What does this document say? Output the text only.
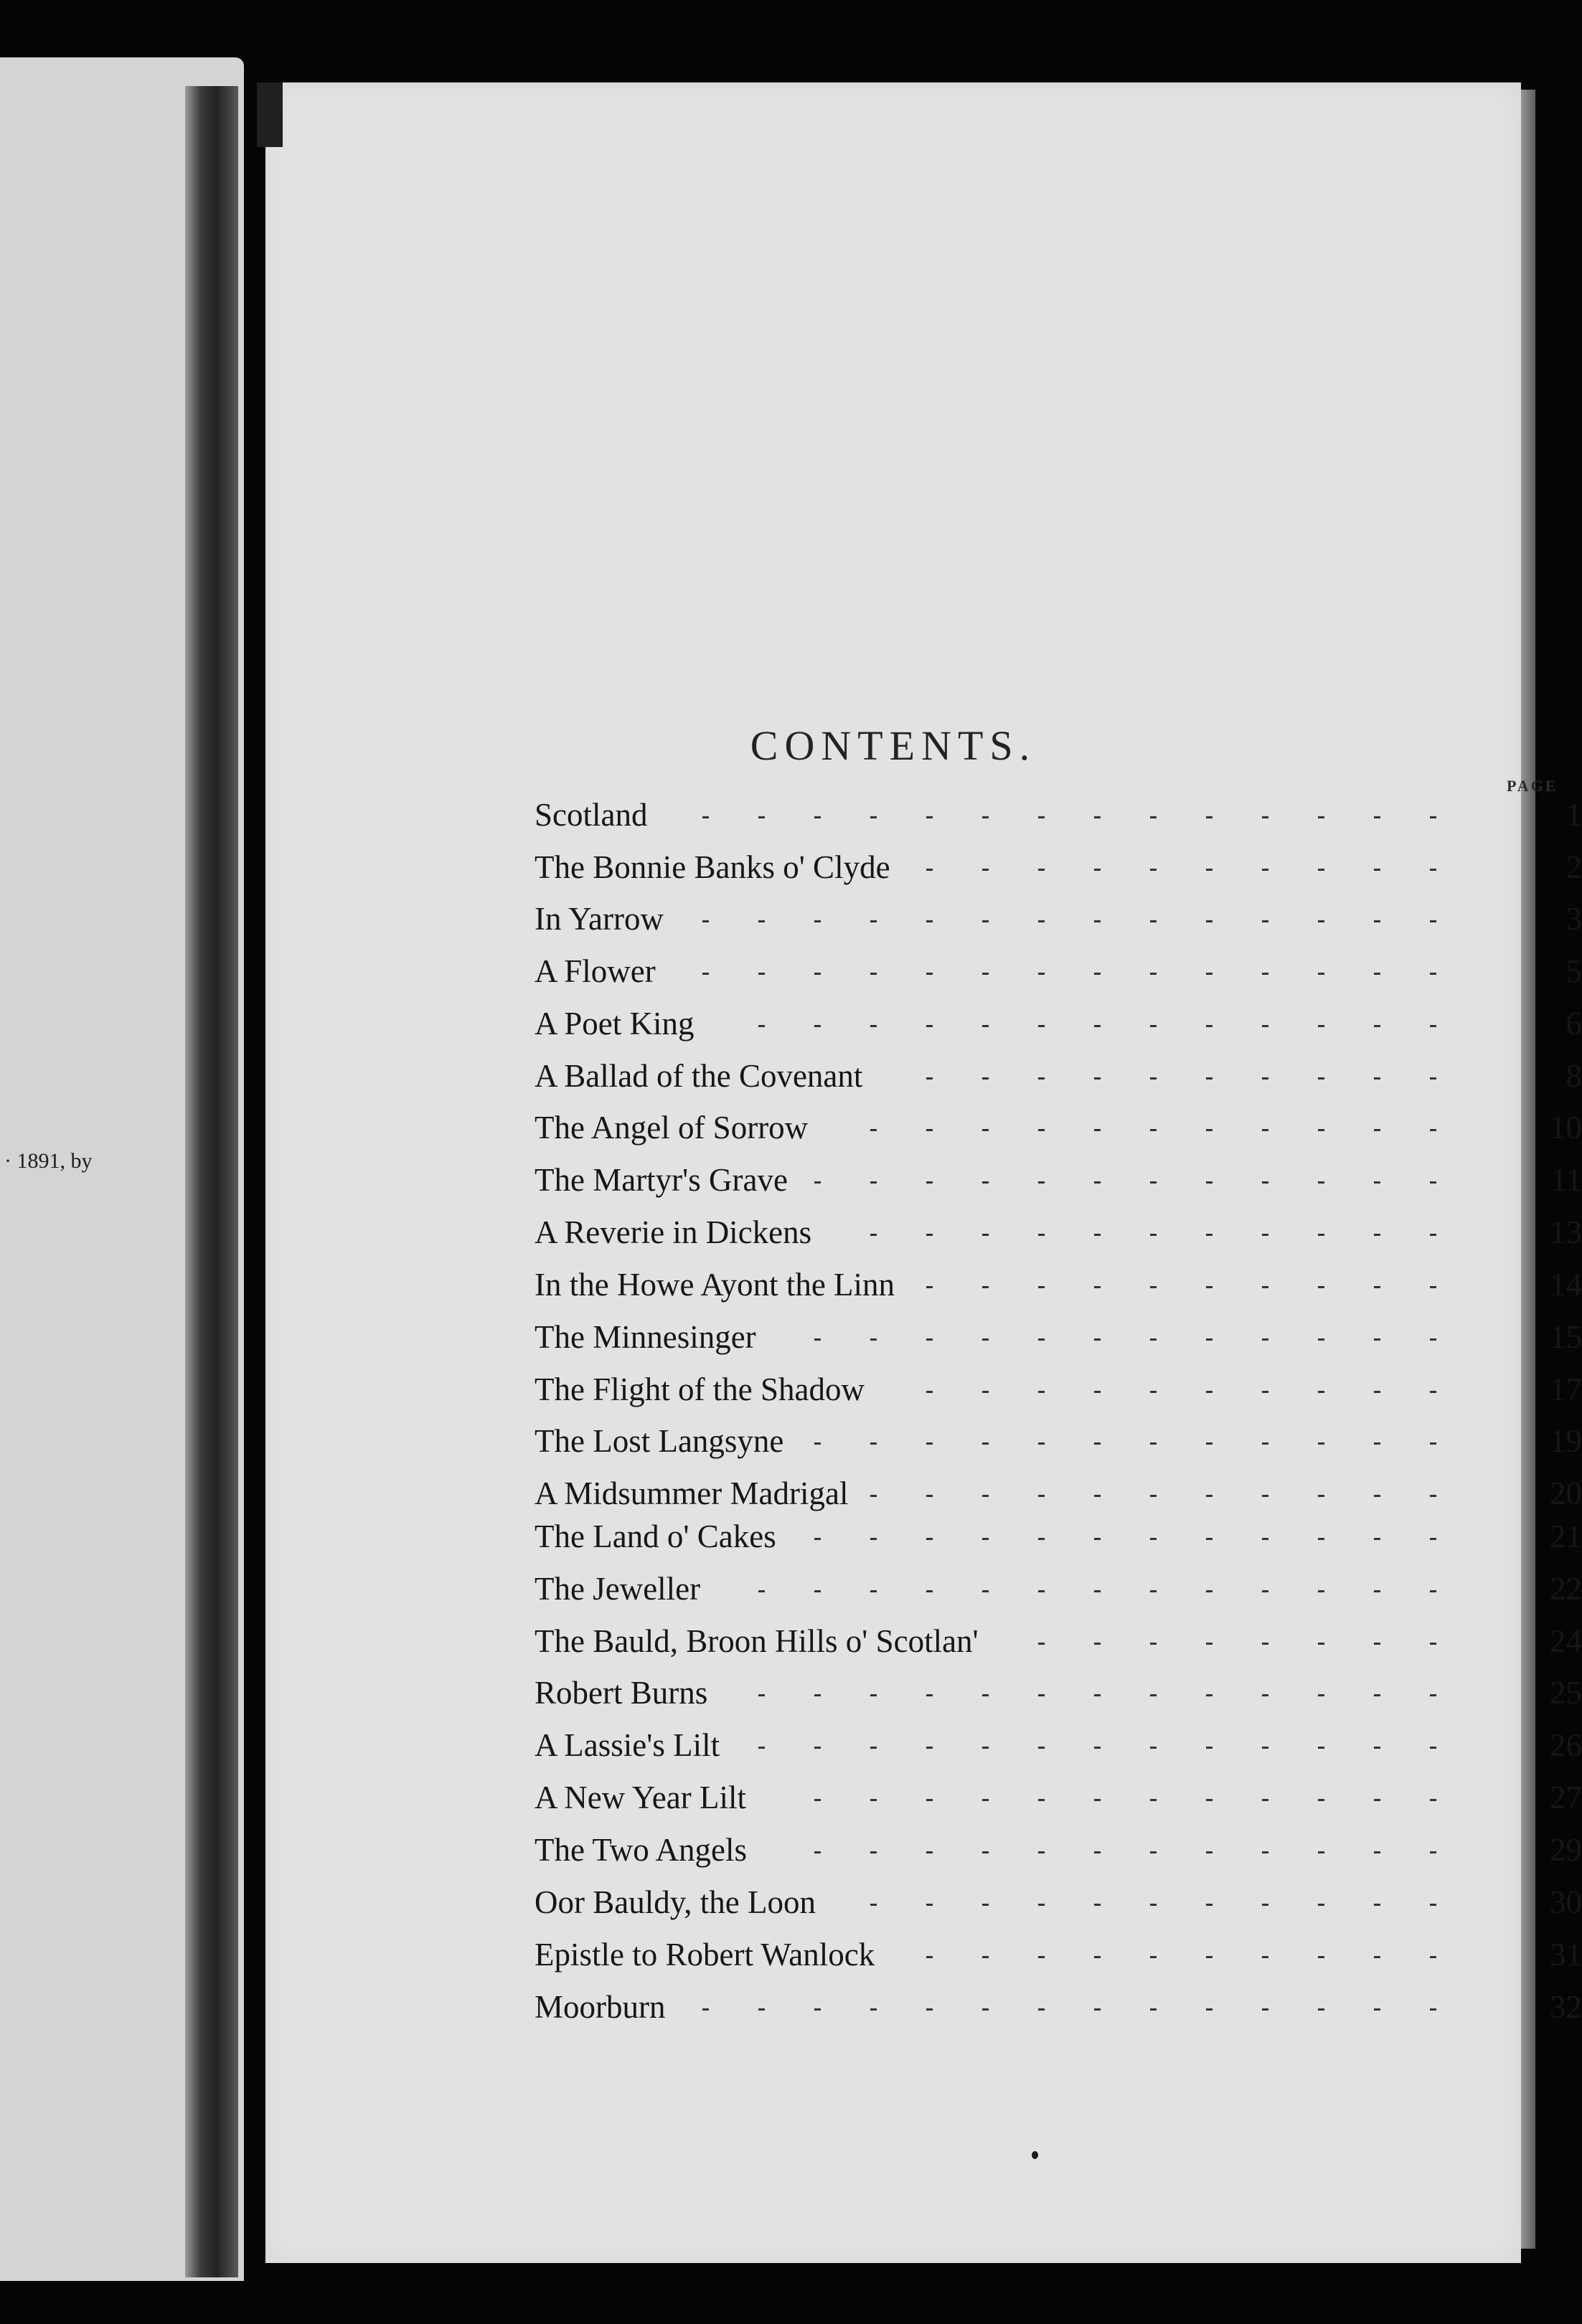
· 1891, by
CONTENTS.
PAGE
Scotland	1
The Bonnie Banks o' Clyde	2
In Yarrow	3
A Flower	5
A Poet King	6
A Ballad of the Covenant	8
The Angel of Sorrow	10
The Martyr's Grave	11
A Reverie in Dickens	13
In the Howe Ayont the Linn	14
The Minnesinger	15
The Flight of the Shadow	17
The Lost Langsyne	19
A Midsummer Madrigal	20
The Land o' Cakes	21
The Jeweller	22
The Bauld, Broon Hills o' Scotlan'	24
Robert Burns	25
A Lassie's Lilt	26
A New Year Lilt	27
The Two Angels	29
Oor Bauldy, the Loon	30
Epistle to Robert Wanlock	31
Moorburn	32
